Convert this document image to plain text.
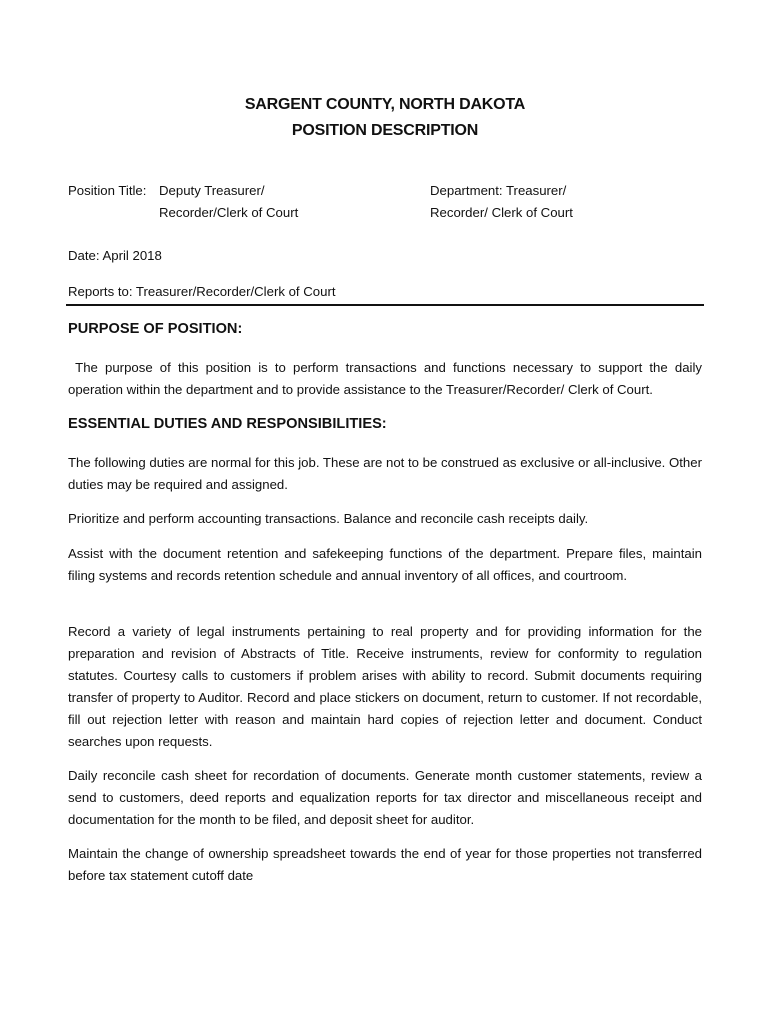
SARGENT COUNTY, NORTH DAKOTA
POSITION DESCRIPTION
Position Title: Deputy Treasurer/
Recorder/Clerk of Court
Department: Treasurer/
Recorder/ Clerk of Court
Date: April 2018
Reports to: Treasurer/Recorder/Clerk of Court
PURPOSE OF POSITION:
The purpose of this position is to perform transactions and functions necessary to support the daily operation within the department and to provide assistance to the Treasurer/Recorder/ Clerk of Court.
ESSENTIAL DUTIES AND RESPONSIBILITIES:
The following duties are normal for this job. These are not to be construed as exclusive or all-inclusive. Other duties may be required and assigned.
Prioritize and perform accounting transactions. Balance and reconcile cash receipts daily.
Assist with the document retention and safekeeping functions of the department. Prepare files, maintain filing systems and records retention schedule and annual inventory of all offices, and courtroom.
Record a variety of legal instruments pertaining to real property and for providing information for the preparation and revision of Abstracts of Title. Receive instruments, review for conformity to regulation statutes. Courtesy calls to customers if problem arises with ability to record. Submit documents requiring transfer of property to Auditor. Record and place stickers on document, return to customer. If not recordable, fill out rejection letter with reason and maintain hard copies of rejection letter and document. Conduct searches upon requests.
Daily reconcile cash sheet for recordation of documents. Generate month customer statements, review a send to customers, deed reports and equalization reports for tax director and miscellaneous receipt and documentation for the month to be filed, and deposit sheet for auditor.
Maintain the change of ownership spreadsheet towards the end of year for those properties not transferred before tax statement cutoff date
